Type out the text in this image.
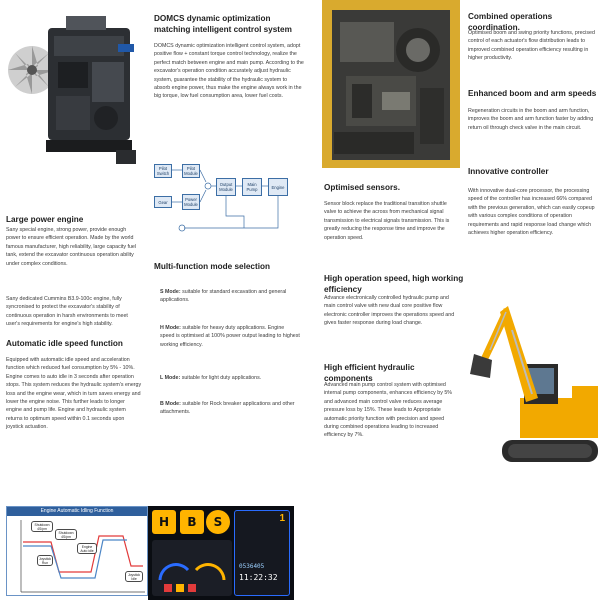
Large power engine

Sany special engine, strong power, provide enough power to ensure efficient operation. Made by the world famous manufacturer, high reliability, large capacity fuel tank, extend the excavator continuous operation ability under complex conditions.

Sany dedicated Cummins B3.9-100c engine, fully syncronised to protect the excavator's stability of continuous operation in harsh environments to meet user's requirements for engine's high stability.

Automatic idle speed function

Equipped with automatic idle speed and acceleration function which reduced fuel consumption by 5% - 10%. Engine comes to auto idle in 3 seconds after operation stops. This system reduces the hydraulic system's energy loss and the engine wear, which in turn saves energy and lower the engine noise. This further leads to longer engine and pump life. Engine and hydraulic system returns to optimum speed within 0.1 seconds upon joystick actuation.

Engine Automatic Idling Function
Shutdown 4S/pm
Shutdown 4S/pm
Engine Auto idle
Joystick Run
Joystick Idle
DOMCS dynamic optimization matching intelligent control system

DOMCS dynamic optimization intelligent control system, adopt positive flow + constant torque control technology, realize the perfect match between engine and main pump. According to the excavator's operation condition accurately adjust hydraulic system, guarantee the stability of the hydraulic system to absorb engine power, thus make the engine always work in the big torque, low fuel consumption area, lower fuel costs.

Pilot Switch
Pilot Module
Gear	Power Module
Output Module
Main Pump	Engine
Multi-function mode selection

S Mode: suitable for standard excavation and general applications.

H Mode: suitable for heavy duty applications. Engine speed is optimised at 100% power output leading to highest working efficiency.

L Mode: suitable for light duty applications.

B Mode: suitable for Rock breaker applications and other attachments.

H	B	S	1
0536405
11:22:32
Optimised sensors.

Sensor block replace the traditional transition shuttle valve to achieve the across from mechanical signal transmission to electrical signals transmission. This is greatly reducing the response time and improve the operation speed.

High operation speed, high working efficiency

Advance electronically controlled hydraulic pump and main control valve with new dual core positive flow electronic controller improves the operations speed and gives faster response during load change.

High efficient hydraulic components

Advanced main pump control system with optimised internal pump components, enhances efficiency by 5% and advanced main control valve reduces average pressure loss by 15%. These leads to Appropriate automatic priority function with precision and speed during combined operations leading to increased efficiency by 7%.

Combined operations coordination.

Optimised boom and swing priority functions, precised control of each actuator's flow distribution leads to improved combined operation efficiency resulting in higher productivity.

Enhanced boom and arm speeds

Regeneration circuits in the boom and arm function, improves the boom and arm function faster by adding return oil through check valve in the main circuit.

Innovative controller

With innovative dual-core processor, the processing speed of the controller has increased 66% compared with the previous generation, which can easily copeup with various complex conditions of operation requirements and rapid response load change which achieves higher operation efficiency.
